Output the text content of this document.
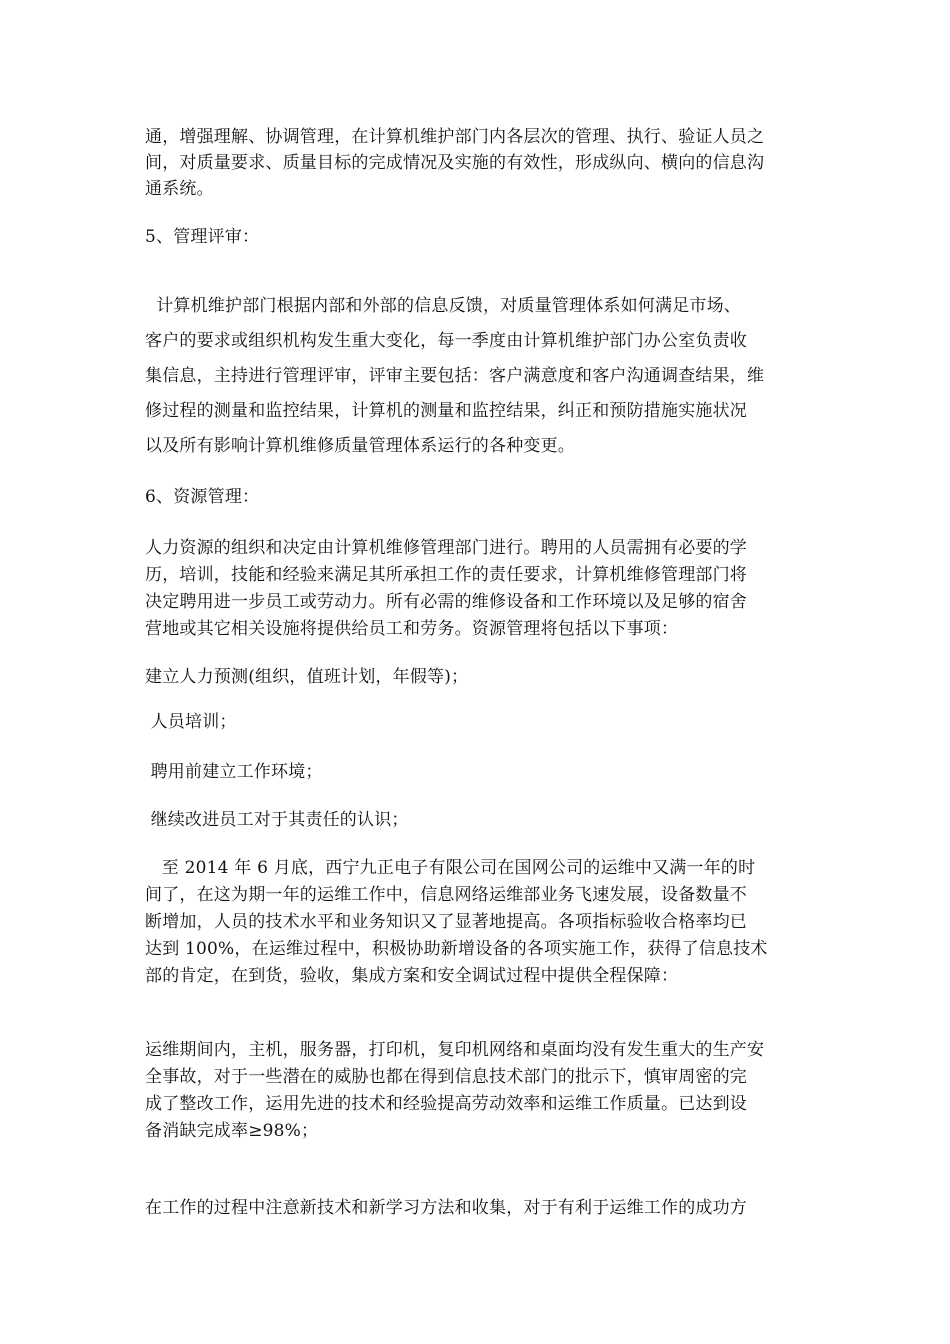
通，增强理解、协调管理，在计算机维护部门内各层次的管理、执行、验证人员之
间，对质量要求、质量目标的完成情况及实施的有效性，形成纵向、横向的信息沟
通系统。
5、管理评审：
计算机维护部门根据内部和外部的信息反馈，对质量管理体系如何满足市场、
客户的要求或组织机构发生重大变化，每一季度由计算机维护部门办公室负责收
集信息，主持进行管理评审，评审主要包括：客户满意度和客户沟通调查结果，维
修过程的测量和监控结果，计算机的测量和监控结果，纠正和预防措施实施状况
以及所有影响计算机维修质量管理体系运行的各种变更。
6、资源管理：
人力资源的组织和决定由计算机维修管理部门进行。聘用的人员需拥有必要的学
历，培训，技能和经验来满足其所承担工作的责任要求，计算机维修管理部门将
决定聘用进一步员工或劳动力。所有必需的维修设备和工作环境以及足够的宿舍
营地或其它相关设施将提供给员工和劳务。资源管理将包括以下事项：
建立人力预测(组织，值班计划，年假等)；
人员培训；
聘用前建立工作环境；
继续改进员工对于其责任的认识；
至 2014 年 6 月底，西宁九正电子有限公司在国网公司的运维中又满一年的时
间了，在这为期一年的运维工作中，信息网络运维部业务飞速发展，设备数量不
断增加，人员的技术水平和业务知识又了显著地提高。各项指标验收合格率均已
达到 100%，在运维过程中，积极协助新增设备的各项实施工作，获得了信息技术
部的肯定，在到货，验收，集成方案和安全调试过程中提供全程保障：
运维期间内，主机，服务器，打印机，复印机网络和桌面均没有发生重大的生产安
全事故，对于一些潜在的威胁也都在得到信息技术部门的批示下，慎审周密的完
成了整改工作，运用先进的技术和经验提高劳动效率和运维工作质量。已达到设
备消缺完成率≥98%；
在工作的过程中注意新技术和新学习方法和收集，对于有利于运维工作的成功方
